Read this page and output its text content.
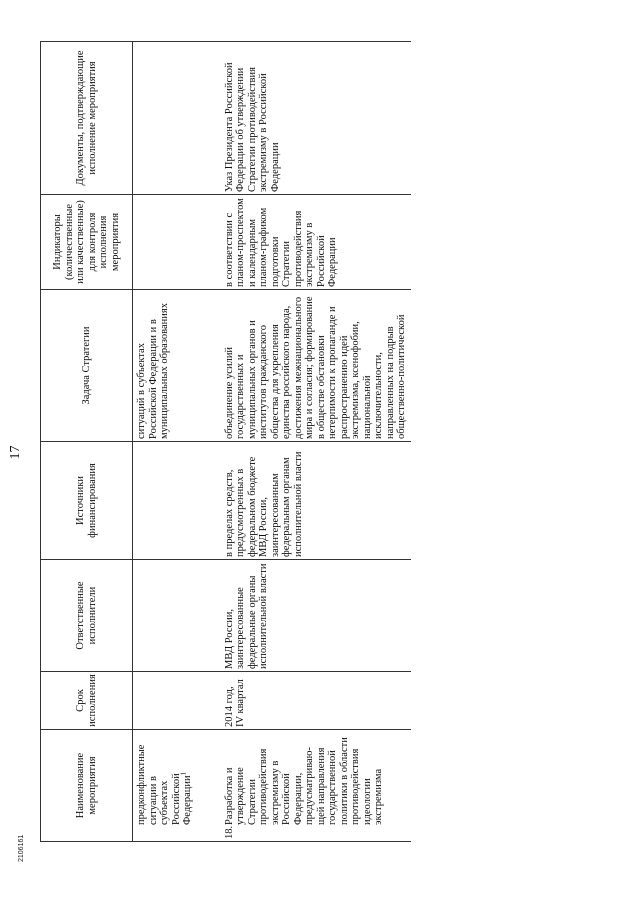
17
Наименование мероприятия	Срок исполнения	Ответственные исполнители	Источники финансирования	Задача Стратегии	Индикаторы (количественные или качественные) для контроля исполнения мероприятия	Документы, подтверждающие исполнение мероприятия

предконфликтные ситуации в субъектах Российской Федерации$^1$				ситуаций в субъектах Российской Федерации и в муниципальных образованиях		

18.
Разработка и утверждение Стратегии противодействия экстремизму в Российской Федерации, предусматриваю-щей направления государственной политики в области противодействия идеологии экстремизма	2014 год, IV квартал	МВД России, заинтересованные федеральные органы исполнительной власти	в пределах средств, предусмотренных в федеральном бюджете МВД России, заинтересованным федеральным органам исполнительной власти	объединение усилий государственных и муниципальных органов и институтов гражданского общества для укрепления единства российского народа, достижения межнационального мира и согласия; формирование в обществе обстановки нетерпимости к пропаганде и распространению идей экстремизма, ксенофобии, национальной исключительности, направленных на подрыв общественно-политической	в соответствии с планом-проспектом и календарным планом-графиком подготовки Стратегии противодействия экстремизму в Российской Федерации	Указ Президента Российской Федерации об утверждении Стратегии противодействия экстремизму в Российской Федерации
2106161
